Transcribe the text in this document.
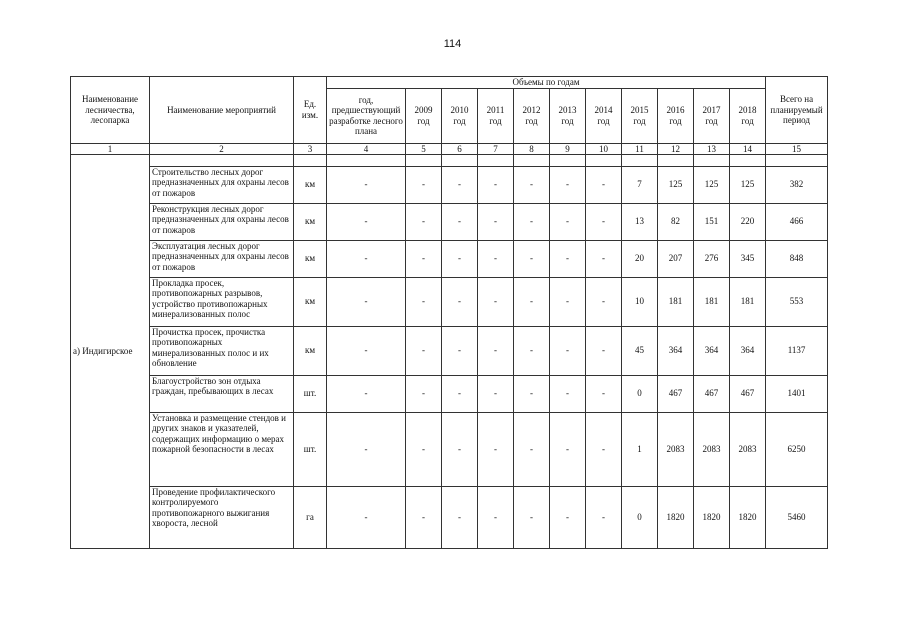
114
Наименование лесничества, лесопарка	Наименование мероприятий	Ед. изм.	Объемы по годам											Всего на планируемый период
			год, предшествующий разработке лесного плана	2009 год	2010 год	2011 год	2012 год	2013 год	2014 год	2015 год	2016 год	2017 год	2018 год	
1	2	3	4	5	6	7	8	9	10	11	12	13	14	15
а) Индигирское														
	Строительство лесных дорог предназначенных для охраны лесов от пожаров	км	-	-	-	-	-	-	-	7	125	125	125	382
	Реконструкция лесных дорог предназначенных для охраны лесов от пожаров	км	-	-	-	-	-	-	-	13	82	151	220	466
	Эксплуатация лесных дорог предназначенных для охраны лесов от пожаров	км	-	-	-	-	-	-	-	20	207	276	345	848
	Прокладка просек, противопожарных разрывов, устройство противопожарных минерализованных полос	км	-	-	-	-	-	-	-	10	181	181	181	553
	Прочистка просек, прочистка противопожарных минерализованных полос и их обновление	км	-	-	-	-	-	-	-	45	364	364	364	1137
	Благоустройство зон отдыха граждан, пребывающих в лесах	шт.	-	-	-	-	-	-	-	0	467	467	467	1401
	Установка и размещение стендов и других знаков и указателей, содержащих информацию о мерах пожарной безопасности в лесах	шт.	-	-	-	-	-	-	-	1	2083	2083	2083	6250
	Проведение профилактического контролируемого противопожарного выжигания хвороста, лесной	га	-	-	-	-	-	-	-	0	1820	1820	1820	5460
